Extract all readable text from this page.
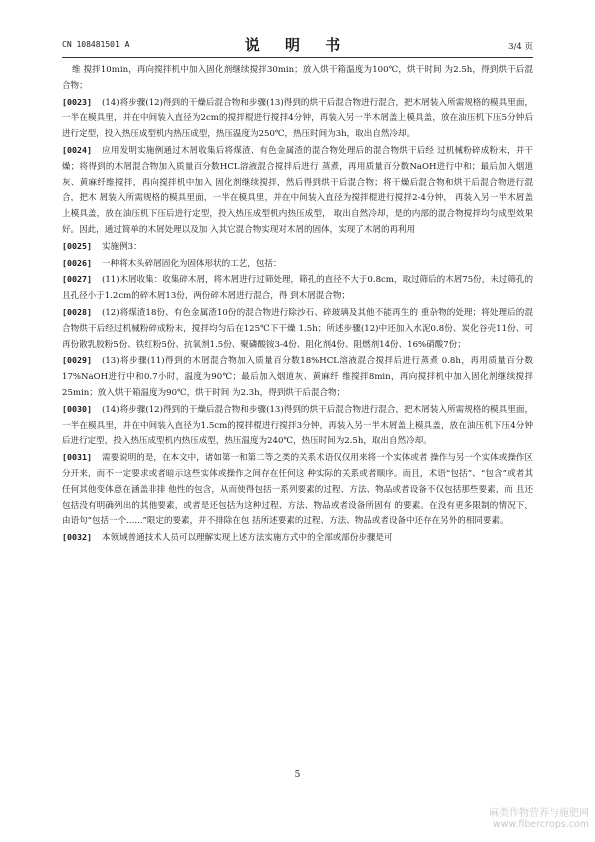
CN 108481501 A	说 明 书	3/4 页

维 搅拌10min，再向搅拌机中加入固化剂继续搅拌30min；放入烘干箱温度为100℃，烘干时间 为2.5h，得到烘干后混合物；

[0023] (14)将步骤(12)得到的干燥后混合物和步骤(13)得到的烘干后混合物进行混合，把木屑装入所需规格的模具里面，一半在模具里，并在中间装入直径为2cm的搅拌棍进行搅拌4分钟，再装入另一半木屑盖上模具盖，放在油压机下压5分钟后进行定型，投入热压成型机内热压成型，热压温度为250℃，热压时间为3h，取出自然冷却。

[0024] 应用发明实施例通过木屑收集后将煤渣、有色金属渣的混合物处理后的混合物烘干后经 过机械粉碎成粉末，并干燥；将得到的木屑混合物加入质量百分数HCL溶液混合搅拌后进行 蒸煮，再用质量百分数NaOH进行中和；最后加入烟道灰、黄麻纤维搅拌，再向搅拌机中加入 固化剂继续搅拌，然后得到烘干后混合物；将干燥后混合物和烘干后混合物进行混合，把木 屑装入所需规格的模具里面，一半在模具里，并在中间装入直径为搅拌棍进行搅拌2-4分钟， 再装入另一半木屑盖上模具盖，放在油压机下压后进行定型，投入热压成型机内热压成型， 取出自然冷却，是的内部的混合物搅拌均匀成型效果好。因此，通过简单的木屑处理以及加 入其它混合物实现对木屑的固体，实现了木屑的再利用

[0025] 实施例3：

[0026] 一种将木头碎屑固化为固体形状的工艺，包括：

[0027] (11)木屑收集：收集碎木屑，将木屑进行过筛处理，筛孔的直径不大于0.8cm，取过筛后的木屑75份，未过筛孔的且孔径小于1.2cm的碎木屑13份，两份碎木屑进行混合，得 到木屑混合物；

[0028] (12)将煤渣18份、有色金属渣10份的混合物进行除沙石、碎玻璃及其他不能再生的 重杂物的处理；将处理后的混合物烘干后经过机械粉碎成粉末，搅拌均匀后在125℃下干燥 1.5h；所述步骤(12)中还加入水泥0.8份、炭化谷壳11份、可再份散乳胶粉5份、铁红粉5份、抗氧剂1.5份、聚磷酸铵3-4份、阻化剂4份、阻燃剂14份、16%硝酸7份；

[0029] (13)将步骤(11)得到的木屑混合物加入质量百分数18%HCL溶液混合搅拌后进行蒸煮 0.8h，再用质量百分数17%NaOH进行中和0.7小时，温度为90℃；最后加入烟道灰、黄麻纤 维搅拌8min，再向搅拌机中加入固化剂继续搅拌25min；放入烘干箱温度为90℃，烘干时间 为2.3h，得到烘干后混合物；

[0030] (14)将步骤(12)得到的干燥后混合物和步骤(13)得到的烘干后混合物进行混合，把木屑装入所需规格的模具里面，一半在模具里，并在中间装入直径为1.5cm的搅拌棍进行搅拌3分钟，再装入另一半木屑盖上模具盖，放在油压机下压4分钟后进行定型，投入热压成型机内热压成型，热压温度为240℃，热压时间为2.5h，取出自然冷却。

[0031] 需要说明的是，在本文中，诸如第一和第二等之类的关系术语仅仅用来将一个实体或者 操作与另一个实体或操作区分开来，而不一定要求或者暗示这些实体或操作之间存在任何这 种实际的关系或者顺序。而且，术语“包括”、“包含”或者其任何其他变体意在涵盖非排 他性的包含，从而使得包括一系列要素的过程、方法、物品或者设备不仅包括那些要素，而 且还包括没有明确列出的其他要素，或者是还包括为这种过程、方法、物品或者设备所固有 的要素。在没有更多限制的情况下，由语句“包括一个......”限定的要素，并不排除在包 括所述要素的过程、方法、物品或者设备中还存在另外的相同要素。

[0032] 本领域普通技术人员可以理解实现上述方法实施方式中的全部或部份步骤是可

5
麻类作物营养与施肥网
www.fibercrops.com
